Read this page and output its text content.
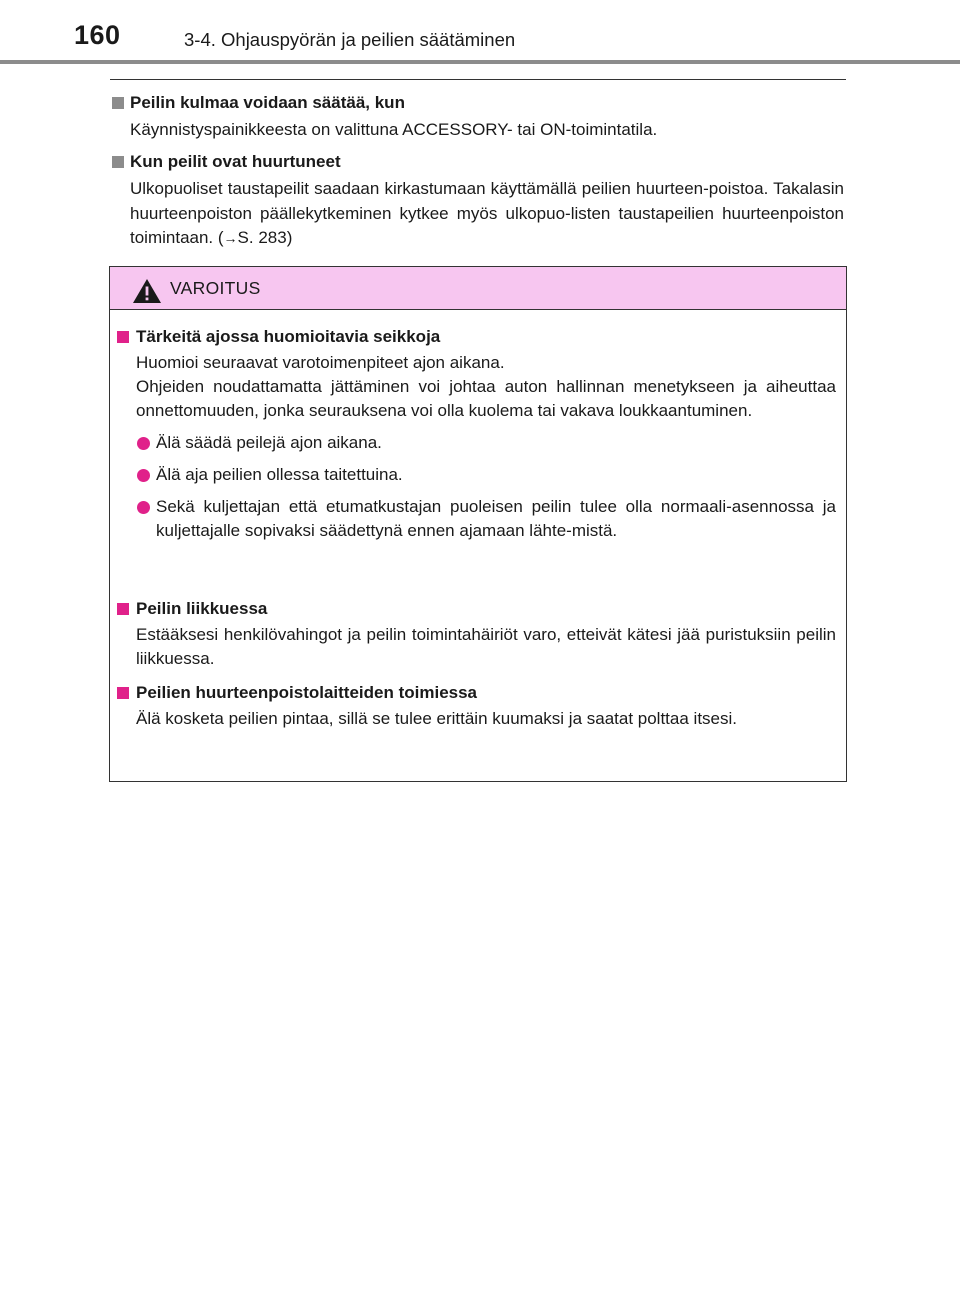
160	3-4. Ohjauspyörän ja peilien säätäminen
Peilin kulmaa voidaan säätää, kun
Käynnistyspainikkeesta on valittuna ACCESSORY- tai ON-toimintatila.
Kun peilit ovat huurtuneet
Ulkopuoliset taustapeilit saadaan kirkastumaan käyttämällä peilien huurteen-poistoa. Takalasin huurteenpoiston päällekytkeminen kytkee myös ulkopuo-listen taustapeilien huurteenpoiston toimintaan. (→S. 283)
VAROITUS
Tärkeitä ajossa huomioitavia seikkoja
Huomioi seuraavat varotoimenpiteet ajon aikana.
Ohjeiden noudattamatta jättäminen voi johtaa auton hallinnan menetykseen ja aiheuttaa onnettomuuden, jonka seurauksena voi olla kuolema tai vakava loukkaantuminen.
Älä säädä peilejä ajon aikana.
Älä aja peilien ollessa taitettuina.
Sekä kuljettajan että etumatkustajan puoleisen peilin tulee olla normaali-asennossa ja kuljettajalle sopivaksi säädettynä ennen ajamaan lähte-mistä.
Peilin liikkuessa
Estääksesi henkilövahingot ja peilin toimintahäiriöt varo, etteivät kätesi jää puristuksiin peilin liikkuessa.
Peilien huurteenpoistolaitteiden toimiessa
Älä kosketa peilien pintaa, sillä se tulee erittäin kuumaksi ja saatat polttaa itsesi.
